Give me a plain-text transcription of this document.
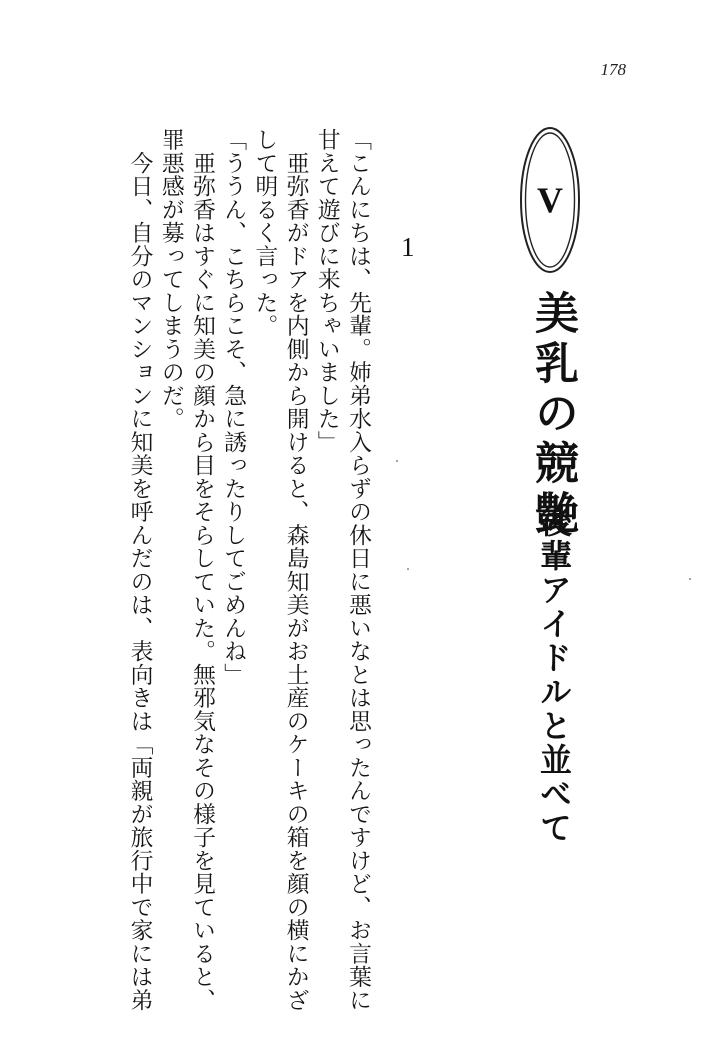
178
V
美乳の競艶
後輩アイドルと並べて
1

「こんにちは、先輩。姉弟水入らずの休日に悪いなとは思ったんですけど、お言葉に

甘えて遊びに来ちゃいました」

　亜弥香がドアを内側から開けると、森島知美がお土産のケーキの箱を顔の横にかざ

して明るく言った。

「ううん、こちらこそ、急に誘ったりしてごめんね」

　亜弥香はすぐに知美の顔から目をそらしていた。無邪気なその様子を見ていると、

罪悪感が募ってしまうのだ。

　今日、自分のマンションに知美を呼んだのは、表向きは「両親が旅行中で家には弟
